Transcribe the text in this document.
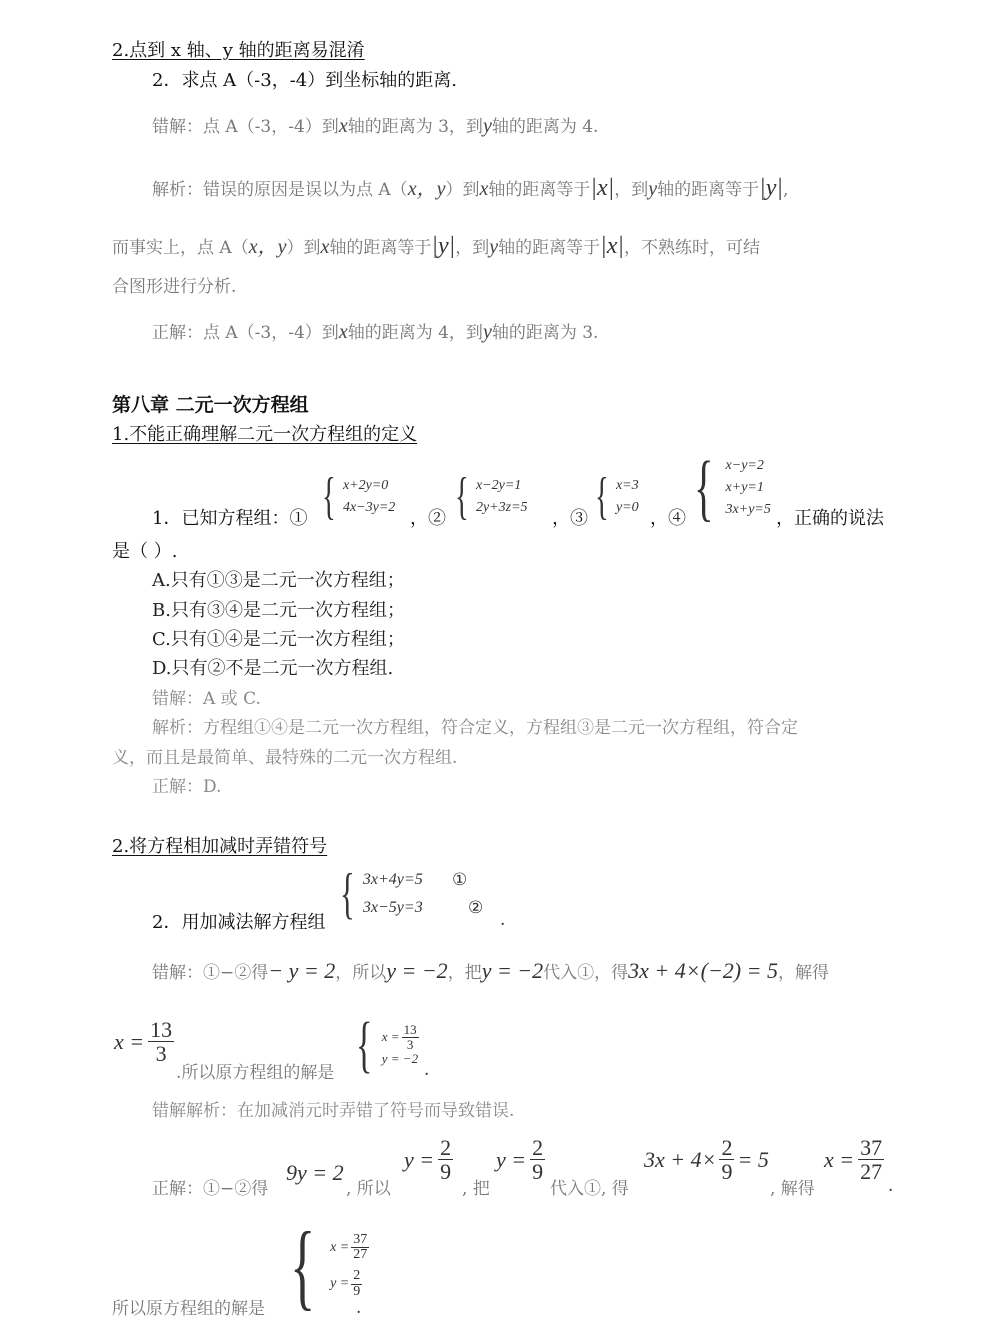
2.点到 x 轴、y 轴的距离易混淆
2．求点 A（-3，-4）到坐标轴的距离.
错解：点 A（-3，-4）到x轴的距离为 3，到y轴的距离为 4.
解析：错误的原因是误以为点 A（x，y）到x轴的距离等于|x|，到y轴的距离等于|y|,
而事实上，点 A（x，y）到x轴的距离等于|y|，到y轴的距离等于|x|，不熟练时，可结
合图形进行分析.
正解：点 A（-3，-4）到x轴的距离为 4，到y轴的距离为 3.
第八章 二元一次方程组
1.不能正确理解二元一次方程组的定义
1．已知方程组：① { x+2y=0
4x−3y=2
，② { x−2y=1
2y+3z=5
，③ { x=3
y=0
，④ { x−y=2
x+y=1
3x+y=5 ，正确的说法
是（ ）.
A.只有①③是二元一次方程组；
B.只有③④是二元一次方程组；
C.只有①④是二元一次方程组；
D.只有②不是二元一次方程组.
错解：A 或 C.
解析：方程组①④是二元一次方程组，符合定义，方程组③是二元一次方程组，符合定
义，而且是最简单、最特殊的二元一次方程组.
正解：D.
2.将方程相加减时弄错符号
2．用加减法解方程组 { 3x+4y=5
3x−5y=3
①
②
.
错解：①−②得− y = 2，所以y = −2，把y = −2代入①，得3x + 4×(−2) = 5，解得
$x = \frac{13}{3}$
.所以原方程组的解是 { $x = \frac{13}{3}$
y = −2
.
错解解析：在加减消元时弄错了符号而导致错误.
正解：①−②得
9y = 2
, 所以
$y = \frac{2}{9}$
, 把
$y = \frac{2}{9}$
代入①, 得
$3x + 4\times \frac{2}{9} = 5$
, 解得
$x = \frac{37}{27}$
.
所以原方程组的解是 { $x = \frac{37}{27}$
$y = \frac{2}{9}$
.
